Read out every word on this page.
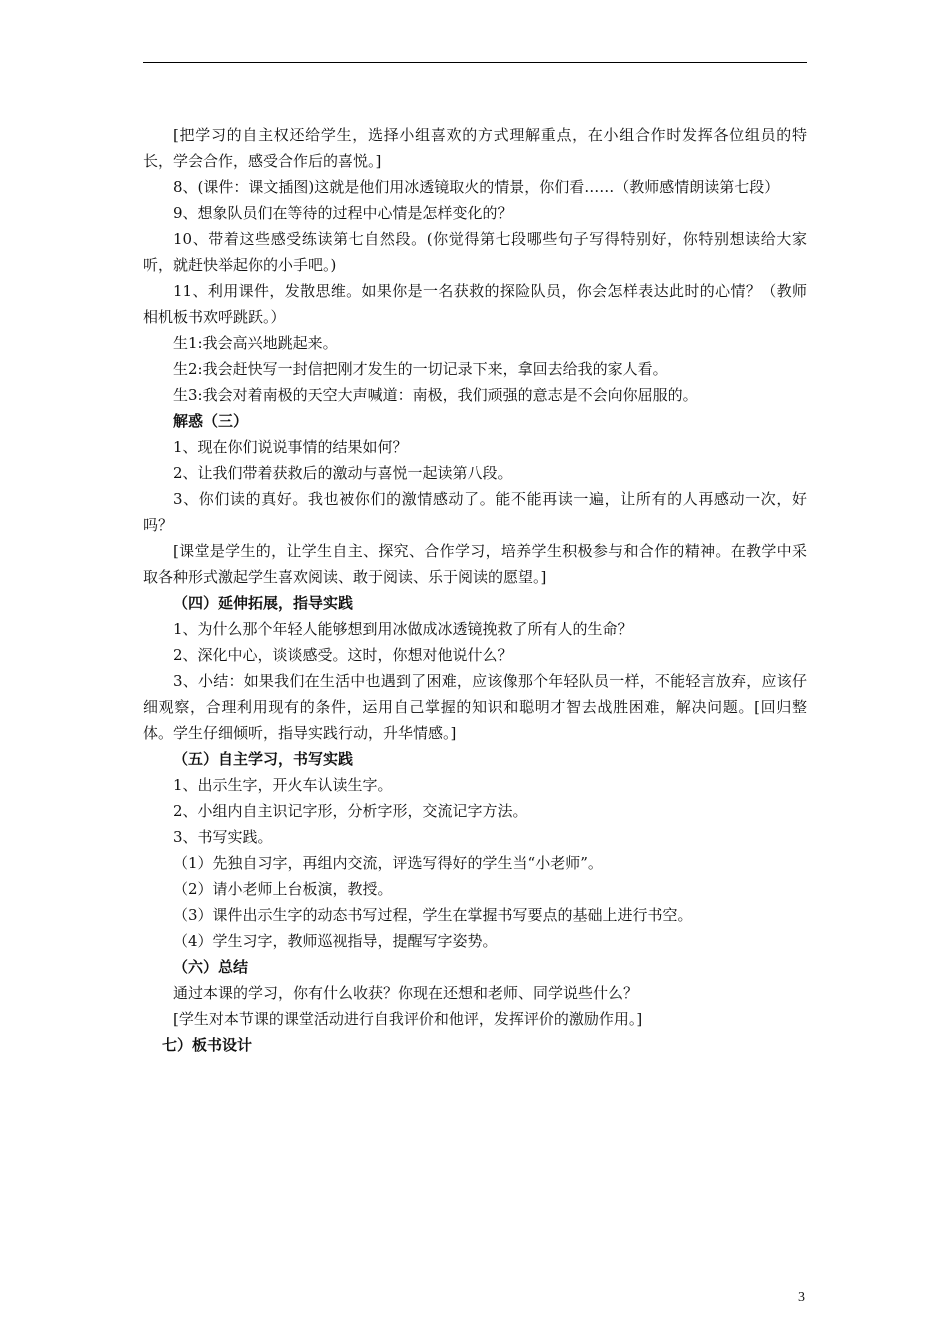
[把学习的自主权还给学生，选择小组喜欢的方式理解重点，在小组合作时发挥各位组员的特长，学会合作，感受合作后的喜悦。]

8、(课件：课文插图)这就是他们用冰透镜取火的情景，你们看……（教师感情朗读第七段）

9、想象队员们在等待的过程中心情是怎样变化的？

10、带着这些感受练读第七自然段。(你觉得第七段哪些句子写得特别好，你特别想读给大家听，就赶快举起你的小手吧。)

11、利用课件，发散思维。如果你是一名获救的探险队员，你会怎样表达此时的心情？（教师相机板书欢呼跳跃。）

生1:我会高兴地跳起来。

生2:我会赶快写一封信把刚才发生的一切记录下来，拿回去给我的家人看。

生3:我会对着南极的天空大声喊道：南极，我们顽强的意志是不会向你屈服的。

解惑（三）

1、现在你们说说事情的结果如何？

2、让我们带着获救后的激动与喜悦一起读第八段。

3、你们读的真好。我也被你们的激情感动了。能不能再读一遍，让所有的人再感动一次，好吗？

[课堂是学生的，让学生自主、探究、合作学习，培养学生积极参与和合作的精神。在教学中采取各种形式激起学生喜欢阅读、敢于阅读、乐于阅读的愿望。]

（四）延伸拓展，指导实践

1、为什么那个年轻人能够想到用冰做成冰透镜挽救了所有人的生命？

2、深化中心，谈谈感受。这时，你想对他说什么？

3、小结：如果我们在生活中也遇到了困难，应该像那个年轻队员一样，不能轻言放弃，应该仔细观察，合理利用现有的条件，运用自己掌握的知识和聪明才智去战胜困难，解决问题。[回归整体。学生仔细倾听，指导实践行动，升华情感。]

（五）自主学习，书写实践

1、出示生字，开火车认读生字。

2、小组内自主识记字形，分析字形，交流记字方法。

3、书写实践。

（1）先独自习字，再组内交流，评选写得好的学生当“小老师”。

（2）请小老师上台板演，教授。

（3）课件出示生字的动态书写过程，学生在掌握书写要点的基础上进行书空。

（4）学生习字，教师巡视指导，提醒写字姿势。

（六）总结

通过本课的学习，你有什么收获？你现在还想和老师、同学说些什么？

[学生对本节课的课堂活动进行自我评价和他评，发挥评价的激励作用。]

七）板书设计

3
